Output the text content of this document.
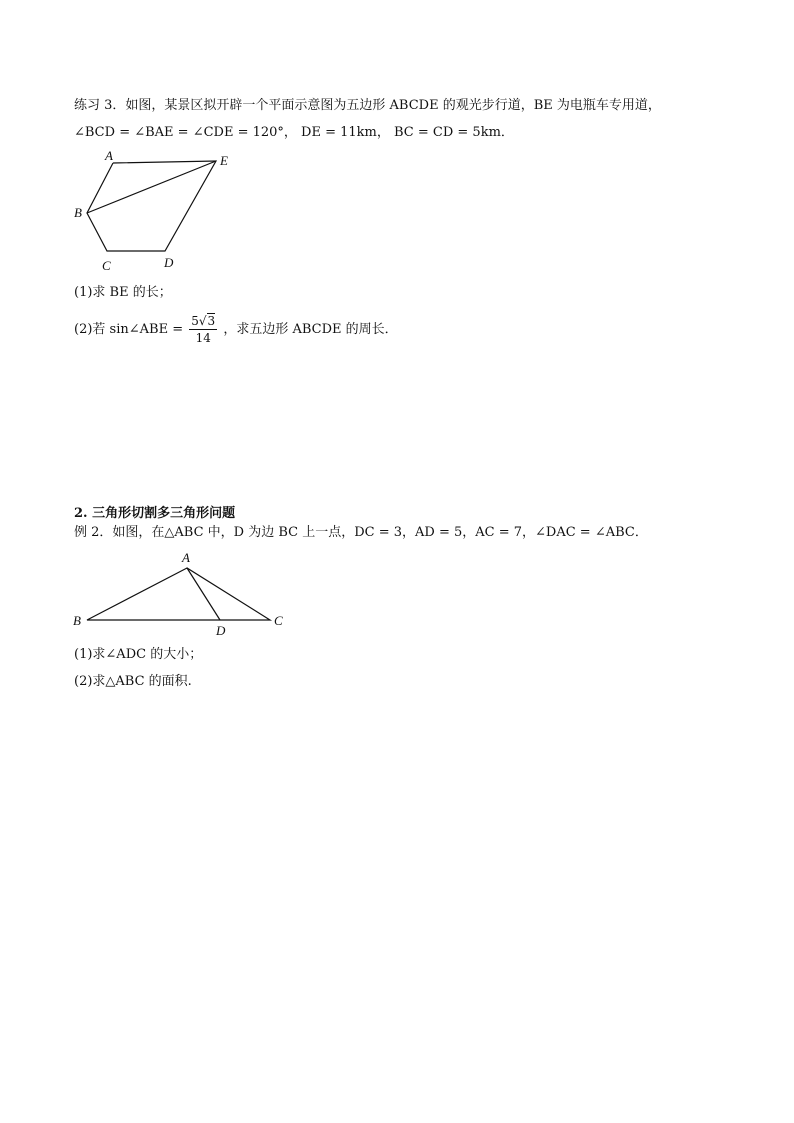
练习 3．如图，某景区拟开辟一个平面示意图为五边形 ABCDE 的观光步行道，BE 为电瓶车专用道，
∠BCD = ∠BAE = ∠CDE = 120°， DE = 11km， BC = CD = 5km．
A
B
C	D
E
(1)求 BE 的长；
(2)若 sin∠ABE = $\frac{5√3}{14}$ ，求五边形 ABCDE 的周长．
2. 三角形切割多三角形问题
例 2．如图，在△ABC 中，D 为边 BC 上一点，DC = 3，AD = 5，AC = 7，∠DAC = ∠ABC．
A
B	C
D
(1)求∠ADC 的大小；
(2)求△ABC 的面积.
